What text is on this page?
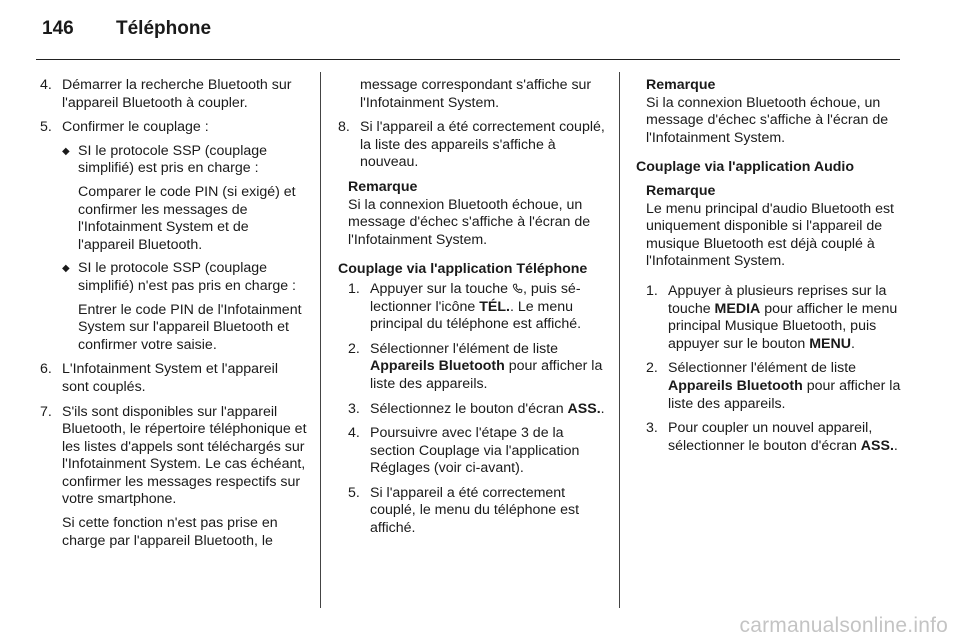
146	Téléphone
4. Démarrer la recherche Bluetooth sur l'appareil Bluetooth à coupler.
5. Confirmer le couplage :
◆ SI le protocole SSP (couplage simplifié) est pris en charge :
Comparer le code PIN (si exigé) et confirmer les messages de l'Infotainment System et de l'appareil Bluetooth.
◆ SI le protocole SSP (couplage simplifié) n'est pas pris en charge :
Entrer le code PIN de l'Infotainment System sur l'appareil Bluetooth et confirmer votre saisie.
6. L'Infotainment System et l'appareil sont couplés.
7. S'ils sont disponibles sur l'appareil Bluetooth, le répertoire téléphonique et les listes d'appels sont téléchargés sur l'Infotainment System. Le cas échéant, confirmer les messages respectifs sur votre smartphone.
Si cette fonction n'est pas prise en charge par l'appareil Bluetooth, le
message correspondant s'affiche sur l'Infotainment System.
8. Si l'appareil a été correctement couplé, la liste des appareils s'affiche à nouveau.
Remarque
Si la connexion Bluetooth échoue, un message d'échec s'affiche à l'écran de l'Infotainment System.
Couplage via l'application Téléphone
1. Appuyer sur la touche , puis sélectionner l'icône TÉL.. Le menu principal du téléphone est affiché.
2. Sélectionner l'élément de liste Appareils Bluetooth pour afficher la liste des appareils.
3. Sélectionnez le bouton d'écran ASS..
4. Poursuivre avec l'étape 3 de la section Couplage via l'application Réglages (voir ci-avant).
5. Si l'appareil a été correctement couplé, le menu du téléphone est affiché.
Remarque
Si la connexion Bluetooth échoue, un message d'échec s'affiche à l'écran de l'Infotainment System.
Couplage via l'application Audio
Remarque
Le menu principal d'audio Bluetooth est uniquement disponible si l'appareil de musique Bluetooth est déjà couplé à l'Infotainment System.
1. Appuyer à plusieurs reprises sur la touche MEDIA pour afficher le menu principal Musique Bluetooth, puis appuyer sur le bouton MENU.
2. Sélectionner l'élément de liste Appareils Bluetooth pour afficher la liste des appareils.
3. Pour coupler un nouvel appareil, sélectionner le bouton d'écran ASS..
carmanualsonline.info
